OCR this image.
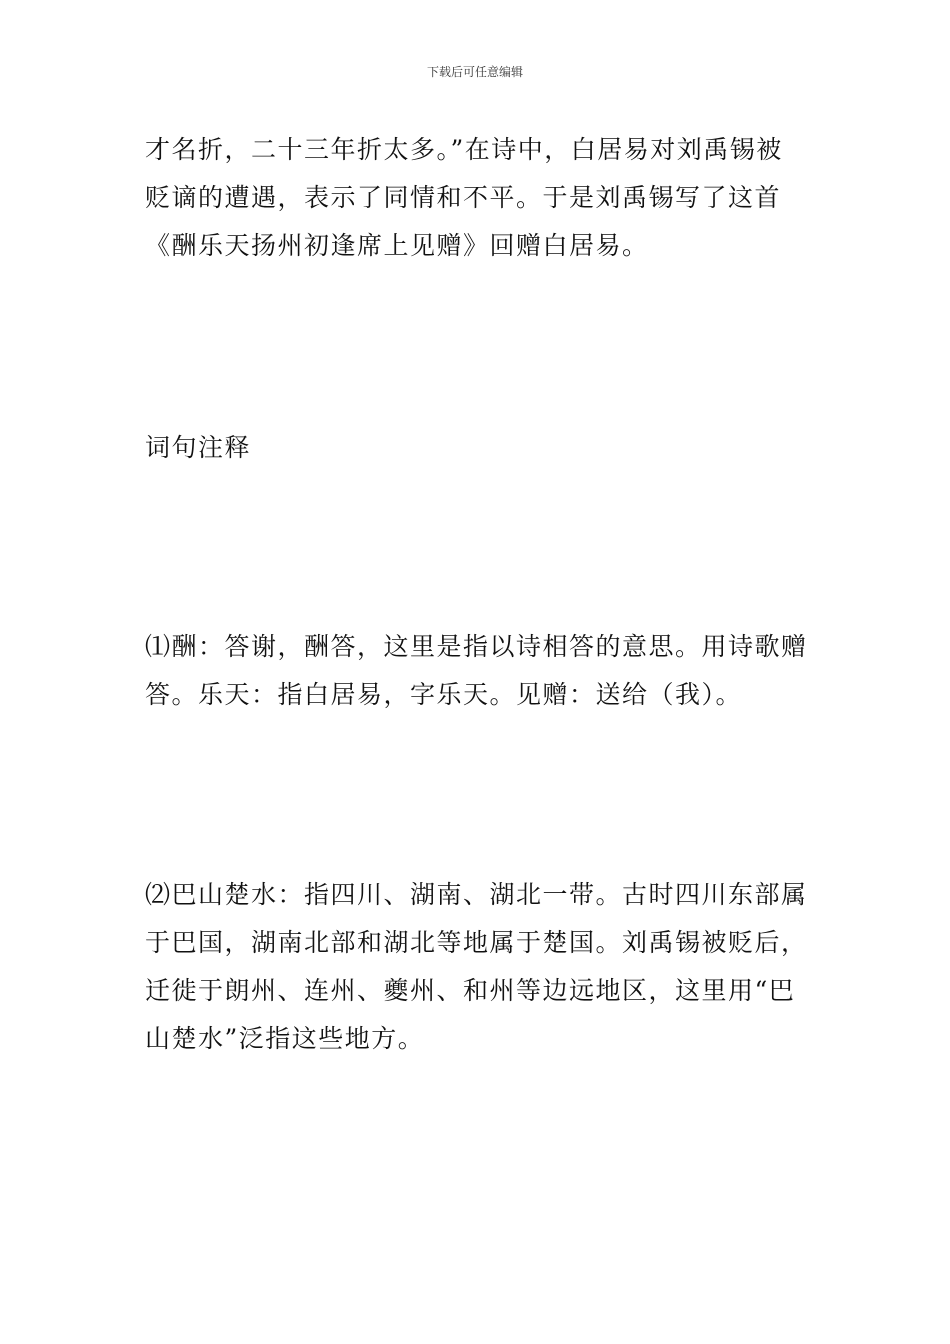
下载后可任意编辑
才名折，二十三年折太多。”在诗中，白居易对刘禹锡被
贬谪的遭遇，表示了同情和不平。于是刘禹锡写了这首
《酬乐天扬州初逢席上见赠》回赠白居易。
词句注释
⑴酬：答谢，酬答，这里是指以诗相答的意思。用诗歌赠
答。乐天：指白居易，字乐天。见赠：送给（我）。
⑵巴山楚水：指四川、湖南、湖北一带。古时四川东部属
于巴国，湖南北部和湖北等地属于楚国。刘禹锡被贬后，
迁徙于朗州、连州、夔州、和州等边远地区，这里用“巴
山楚水”泛指这些地方。
